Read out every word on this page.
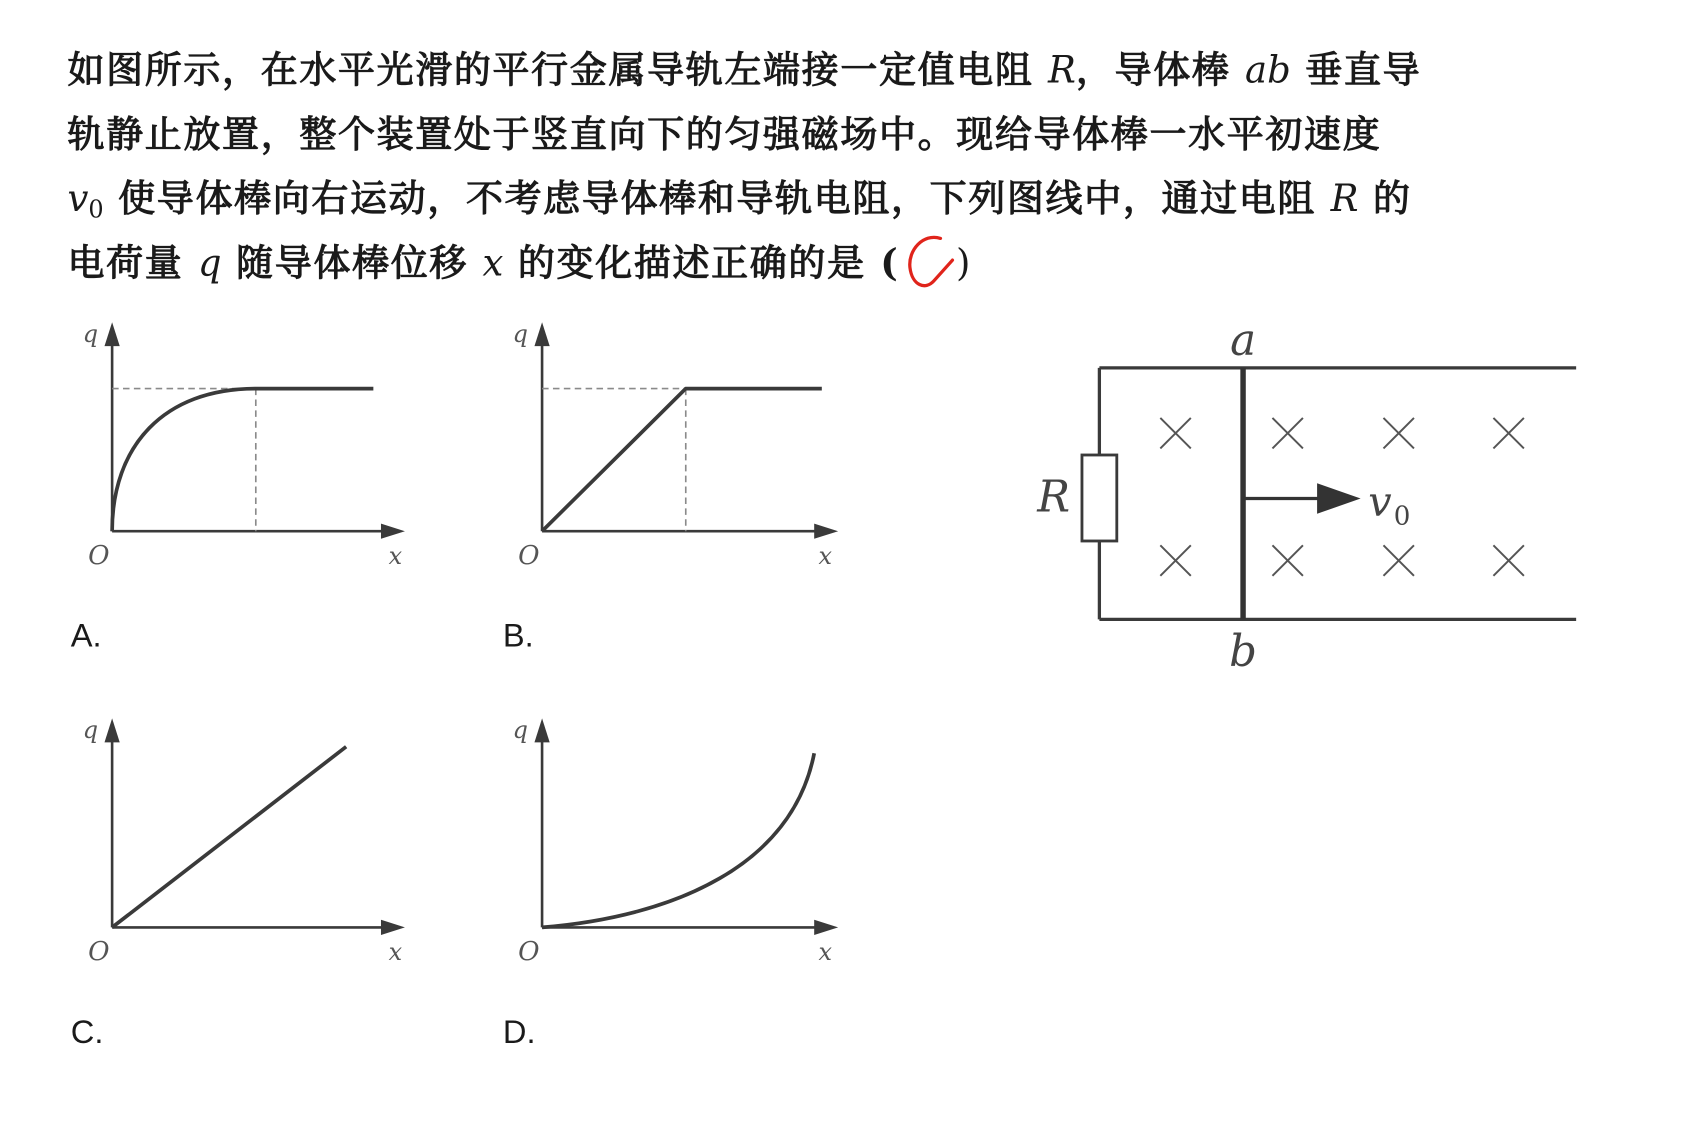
如图所示，在水平光滑的平行金属导轨左端接一定值电阻 R，导体棒 ab 垂直导
轨静止放置，整个装置处于竖直向下的匀强磁场中。现给导体棒一水平初速度
$v_0$ 使导体棒向右运动，不考虑导体棒和导轨电阻，下列图线中，通过电阻 R 的
电荷量 q 随导体棒位移 x 的变化描述正确的是 ( )
q
O	x
A.
q
O	x
B.
q
O	x
C.
q
O	x
D.
R
a
b
$v_0$
